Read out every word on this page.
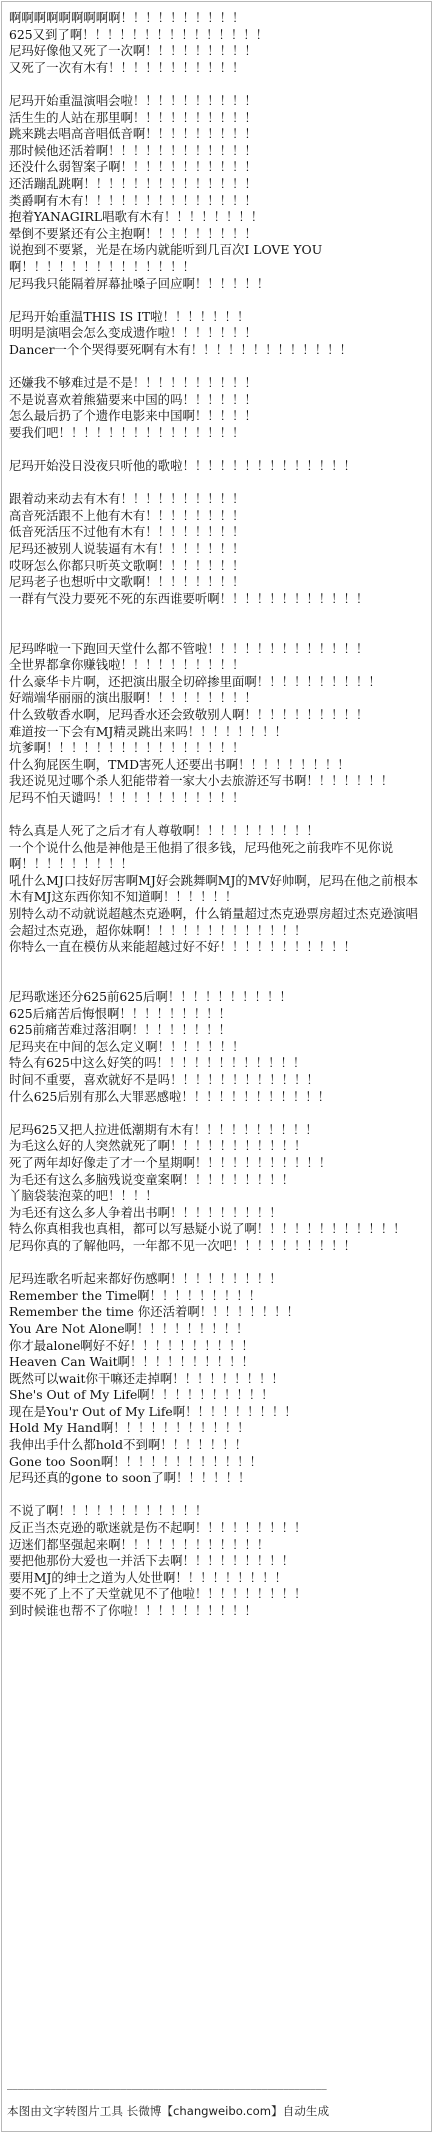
啊啊啊啊啊啊啊啊啊！！！！！！！！！！
625又到了啊！！！！！！！！！！！！！！！
尼玛好像他又死了一次啊！！！！！！！！！
又死了一次有木有！！！！！！！！！！！
尼玛开始重温演唱会啦！！！！！！！！！！
活生生的人站在那里啊！！！！！！！！！！
跳来跳去唱高音唱低音啊！！！！！！！！！
那时候他还活着啊！！！！！！！！！！！！
还没什么弱智案子啊！！！！！！！！！！！
还活蹦乱跳啊！！！！！！！！！！！！！！
类爵啊有木有！！！！！！！！！！！！！！
抱着YANAGIRL唱歌有木有！！！！！！！！
晕倒不要紧还有公主抱啊！！！！！！！！！
说抱到不要紧，光是在场内就能听到几百次I LOVE YOU啊！！！！！！！！！！！！！！
尼玛我只能隔着屏幕扯嗓子回应啊！！！！！！
尼玛开始重温THIS IS IT啦！！！！！！！
明明是演唱会怎么变成遗作啦！！！！！！！
Dancer一个个哭得要死啊有木有！！！！！！！！！！！！！
还嫌我不够难过是不是！！！！！！！！！！
不是说喜欢着熊猫要来中国的吗！！！！！！
怎么最后扔了个遗作电影来中国啊！！！！！
要我们吧！！！！！！！！！！！！！！！
尼玛开始没日没夜只听他的歌啦！！！！！！！！！！！！！！
跟着动来动去有木有！！！！！！！！！！
高音死活跟不上他有木有！！！！！！！！
低音死活压不过他有木有！！！！！！！！
尼玛还被别人说装逼有木有！！！！！！！
哎呀怎么你都只听英文歌啊！！！！！！！
尼玛老子也想听中文歌啊！！！！！！！！
一群有气没力要死不死的东西谁要听啊！！！！！！！！！！！！
尼玛哗啦一下跑回天堂什么都不管啦！！！！！！！！！！！！！
全世界都拿你赚钱啦！！！！！！！！！！
什么豪华卡片啊，还把演出服全切碎掺里面啊！！！！！！！！！！
好端端华丽丽的演出服啊！！！！！！！！！
什么致敬香水啊，尼玛香水还会致敬别人啊！！！！！！！！！！
难道按一下会有MJ精灵跳出来吗！！！！！！！！
坑爹啊！！！！！！！！！！！！！！！！
什么狗屁医生啊，TMD害死人还要出书啊！！！！！！！！！
我还说见过哪个杀人犯能带着一家大小去旅游还写书啊！！！！！！！
尼玛不怕天谴吗！！！！！！！！！！！！
特么真是人死了之后才有人尊敬啊！！！！！！！！！！
一个个说什么他是神他是王他捐了很多钱，尼玛他死之前我咋不见你说啊！！！！！！！！！
吼什么MJ口技好厉害啊MJ好会跳舞啊MJ的MV好帅啊，尼玛在他之前根本木有MJ这东西你知不知道啊！！！！！！
别特么动不动就说超越杰克逊啊，什么销量超过杰克逊票房超过杰克逊演唱会超过杰克逊，超你妹啊！！！！！！！！！！！！！
你特么一直在模仿从来能超越过好不好！！！！！！！！！！！
尼玛歌迷还分625前625后啊！！！！！！！！！！
625后痛苦后悔恨啊！！！！！！！！！
625前痛苦难过落泪啊！！！！！！！！
尼玛夹在中间的怎么定义啊！！！！！！！
特么有625中这么好笑的吗！！！！！！！！！！！！
时间不重要，喜欢就好不是吗！！！！！！！！！！！！
什么625后别有那么大罪恶感啦！！！！！！！！！！！！
尼玛625又把人拉进低潮期有木有！！！！！！！！！！
为毛这么好的人突然就死了啊！！！！！！！！！！！
死了两年却好像走了才一个星期啊！！！！！！！！！！！
为毛还有这么多脑残说变童案啊！！！！！！！！！
丫脑袋装泡菜的吧！！！！
为毛还有这么多人争着出书啊！！！！！！！！！
特么你真相我也真相，都可以写悬疑小说了啊！！！！！！！！！！！！
尼玛你真的了解他吗，一年都不见一次吧！！！！！！！！！！
尼玛连歌名听起来都好伤感啊！！！！！！！！！
Remember the Time啊！！！！！！！！！
Remember the time 你还活着啊！！！！！！！！
You Are Not Alone啊！！！！！！！！！
你才最alone啊好不好！！！！！！！！！！
Heaven Can Wait啊！！！！！！！！！！
既然可以wait你干嘛还走掉啊！！！！！！！！！
She's Out of My Life啊！！！！！！！！！！
现在是You'r Out of My Life啊！！！！！！！！！
Hold My Hand啊！！！！！！！！！！！
我伸出手什么都hold不到啊！！！！！！！
Gone too Soon啊！！！！！！！！！！！！
尼玛还真的gone to soon了啊！！！！！！
不说了啊！！！！！！！！！！！！
反正当杰克逊的歌迷就是伤不起啊！！！！！！！！！
迈迷们都坚强起来啊！！！！！！！！！！！！
要把他那份大爱也一并活下去啊！！！！！！！！！
要用MJ的绅士之道为人处世啊！！！！！！！！！
要不死了上不了天堂就见不了他啦！！！！！！！！！
到时候谁也帮不了你啦！！！！！！！！！！
———————————————————————————————————————————————————————————
本图由文字转图片工具 长微博【changweibo.com】自动生成
